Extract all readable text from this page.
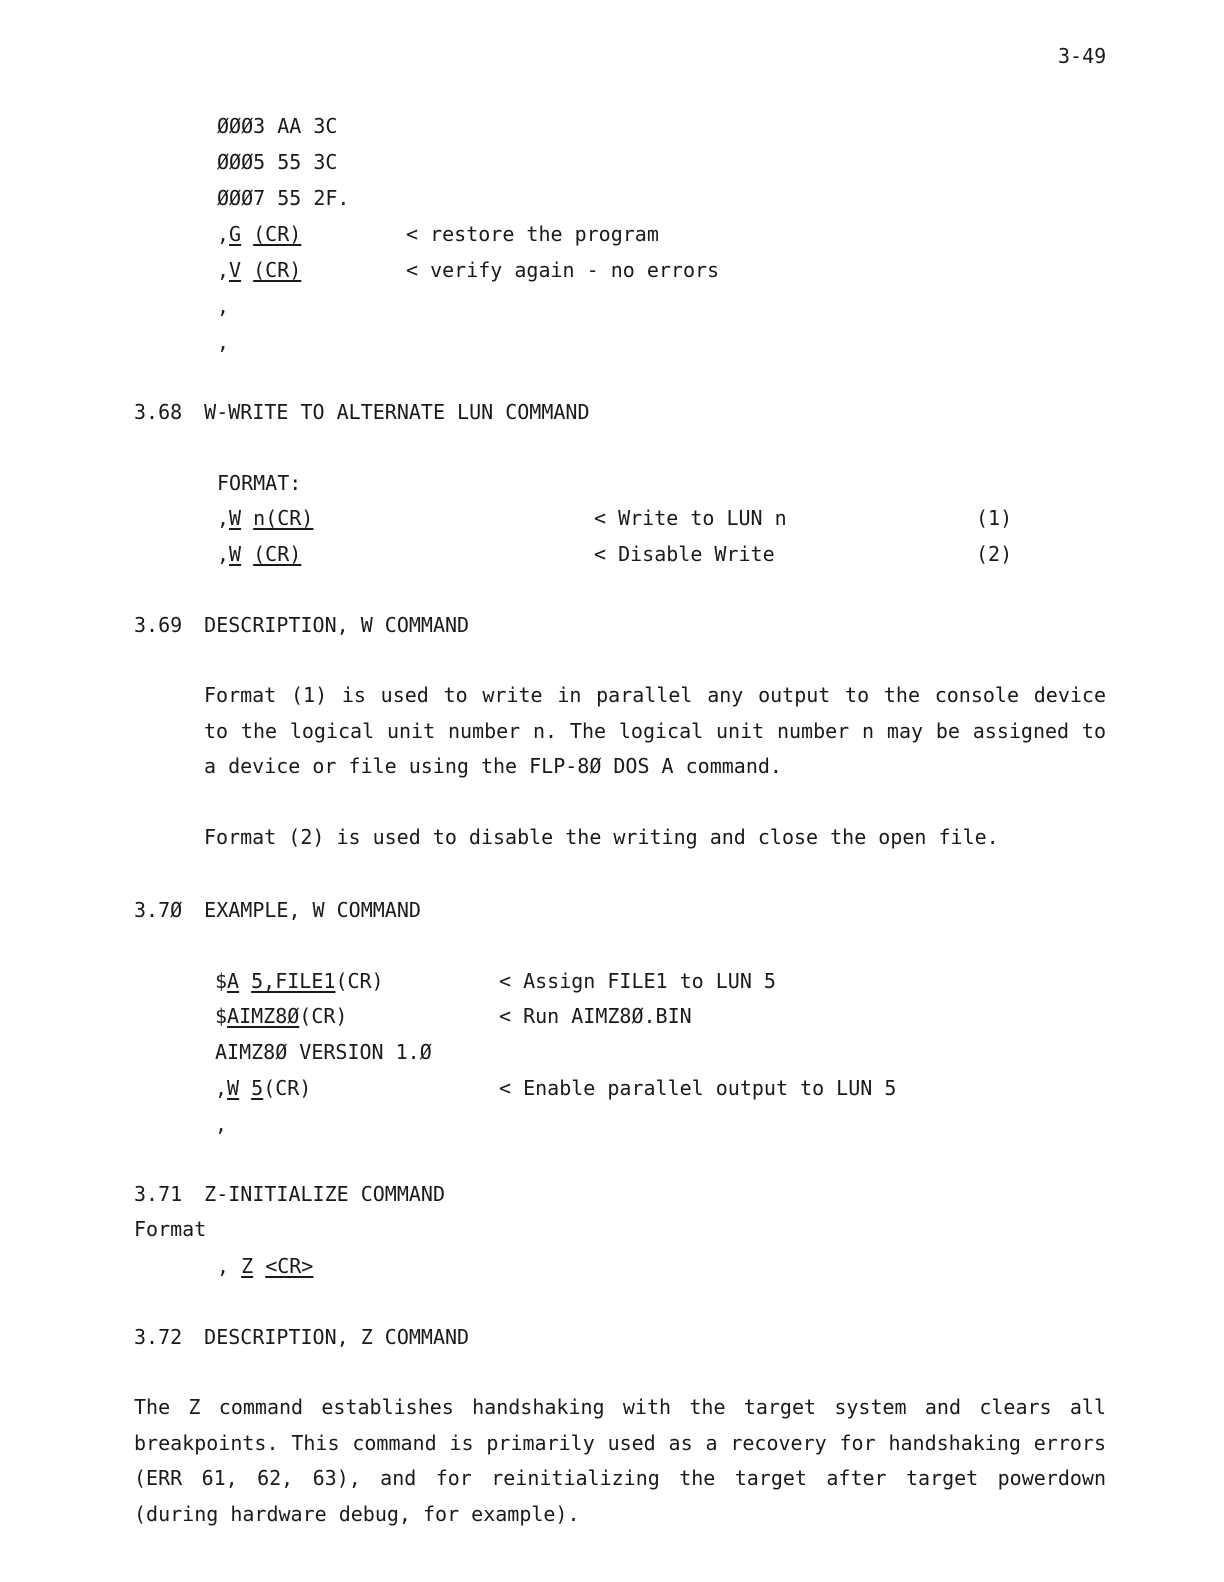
3-49
ØØØ3 AA 3C
ØØØ5 55 3C
ØØØ7 55 2F.
,G (CR)	< restore the program
,V (CR)	< verify again - no errors
,
,
3.68 W-WRITE TO ALTERNATE LUN COMMAND
FORMAT:
,W n(CR)	< Write to LUN n	(1)
,W (CR)	< Disable Write	(2)
3.69 DESCRIPTION, W COMMAND
Format (1) is used to write in parallel any output to the console device to the logical unit number n. The logical unit number n may be assigned to a device or file using the FLP-8Ø DOS A command.
Format (2) is used to disable the writing and close the open file.
3.7Ø EXAMPLE, W COMMAND
$A 5,FILE1(CR)	< Assign FILE1 to LUN 5
$AIMZ8Ø(CR)	< Run AIMZ8Ø.BIN
AIMZ8Ø VERSION 1.Ø
,W 5(CR)	< Enable parallel output to LUN 5
,
3.71 Z-INITIALIZE COMMAND
Format
, Z <CR>
3.72 DESCRIPTION, Z COMMAND
The Z command establishes handshaking with the target system and clears all breakpoints. This command is primarily used as a recovery for handshaking errors (ERR 61, 62, 63), and for reinitializing the target after target powerdown (during hardware debug, for example).
